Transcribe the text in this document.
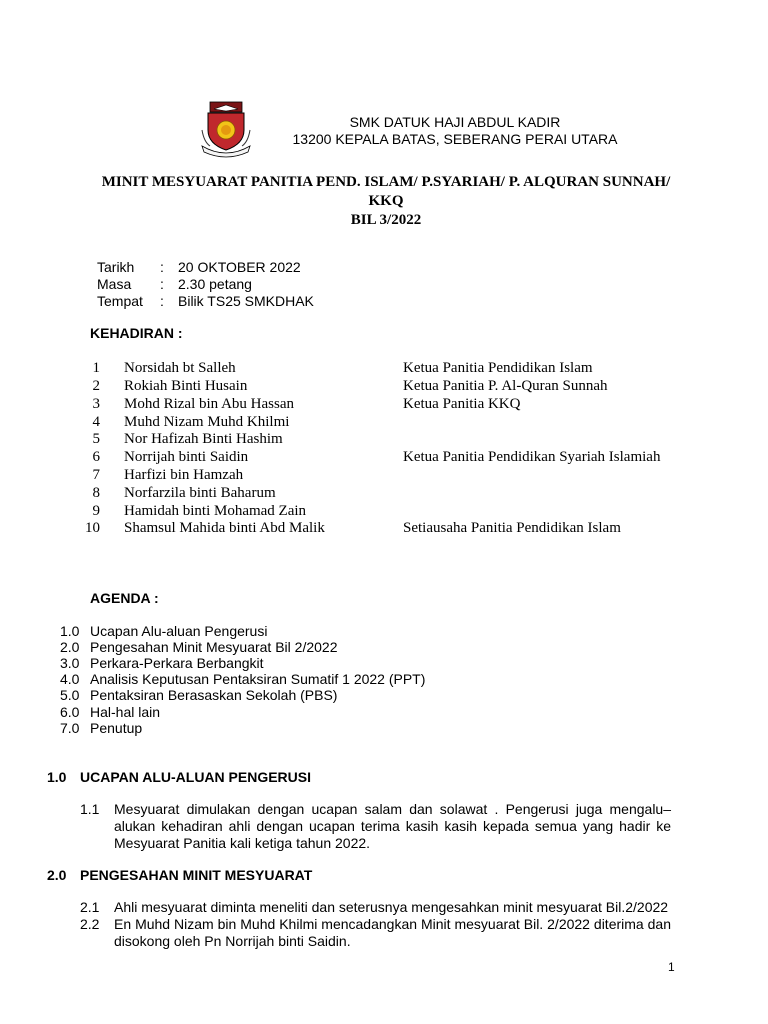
SMK DATUK HAJI ABDUL KADIR
13200 KEPALA BATAS, SEBERANG PERAI UTARA
MINIT MESYUARAT PANITIA PEND. ISLAM/ P.SYARIAH/ P. ALQURAN SUNNAH/
KKQ
BIL 3/2022
Tarikh : 20 OKTOBER 2022
Masa : 2.30 petang
Tempat : Bilik TS25 SMKDHAK
KEHADIRAN :
1 Norsidah bt Salleh	Ketua Panitia Pendidikan Islam
2 Rokiah Binti Husain	Ketua Panitia P. Al-Quran Sunnah
3 Mohd Rizal bin Abu Hassan	Ketua Panitia KKQ
4 Muhd Nizam Muhd Khilmi
5 Nor Hafizah Binti Hashim
6 Norrijah binti Saidin	Ketua Panitia Pendidikan Syariah Islamiah
7 Harfizi bin Hamzah
8 Norfarzila binti Baharum
9 Hamidah binti Mohamad Zain
10 Shamsul Mahida binti Abd Malik	Setiausaha Panitia Pendidikan Islam
AGENDA :
1.0 Ucapan Alu-aluan Pengerusi
2.0 Pengesahan Minit Mesyuarat Bil 2/2022
3.0 Perkara-Perkara Berbangkit
4.0 Analisis Keputusan Pentaksiran Sumatif 1 2022 (PPT)
5.0 Pentaksiran Berasaskan Sekolah (PBS)
6.0 Hal-hal lain
7.0 Penutup
1.0 UCAPAN ALU-ALUAN PENGERUSI
1.1 Mesyuarat dimulakan dengan ucapan salam dan solawat . Pengerusi juga mengalu–alukan kehadiran ahli dengan ucapan terima kasih kasih kepada semua yang hadir ke Mesyuarat Panitia kali ketiga tahun 2022.
2.0 PENGESAHAN MINIT MESYUARAT
2.1 Ahli mesyuarat diminta meneliti dan seterusnya mengesahkan minit mesyuarat Bil.2/2022
2.2 En Muhd Nizam bin Muhd Khilmi mencadangkan Minit mesyuarat Bil. 2/2022 diterima dan disokong oleh Pn Norrijah binti Saidin.
1
